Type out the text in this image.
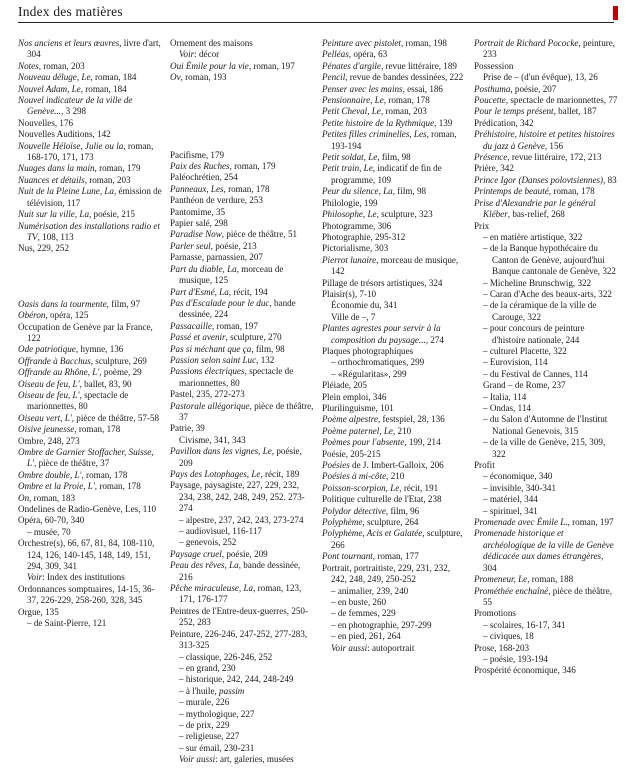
Index des matières

Nos anciens et leurs œuvres, livre d'art, 304

Notes, roman, 203

Nouveau déluge, Le, roman, 184

Nouvel Adam, Le, roman, 184

Nouvel indicateur de la ville de Genève..., 3 298

Nouvelles, 176

Nouvelles Auditions, 142

Nouvelle Héloïse, Julie ou la, roman, 168-170, 171, 173

Nuages dans la main, roman, 179

Nuances et détails, roman, 203

Nuit de la Pleine Lune, La, émission de télévision, 117

Nuit sur la ville, La, poésie, 215

Numérisation des installations radio et TV, 108, 113

Nus, 229, 252

Oasis dans la tourmente, film, 97

Obéron, opéra, 125

Occupation de Genève par la France, 122

Ode patriotique, hymne, 136

Offrande à Bacchus, sculpture, 269

Offrande au Rhône, L', poème, 29

Oiseau de feu, L', ballet, 83, 90

Oiseau de feu, L', spectacle de marionnettes, 80

Oiseau vert, L', pièce de théâtre, 57-58

Oisive jeunesse, roman, 178

Ombre, 248, 273

Ombre de Garnier Stoffacher, Suisse, L', pièce de théâtre, 37

Ombre double, L', roman, 178

Ombre et la Proie, L', roman, 178

On, roman, 183

Ondelines de Radio-Genève, Les, 110

Opéra, 60-70, 340

– musée, 70

Orchestre(s), 66, 67, 81, 84, 108-110, 124, 126, 140-145, 148, 149, 151, 294, 309, 341

Voir: Index des institutions

Ordonnances somptuaires, 14-15, 36-37, 226-229, 258-260, 328, 345

Orgue, 135

– de Saint-Pierre, 121

Ornement des maisons

Voir: décor

Oui Émile pour la vie, roman, 197

Ov, roman, 193

Pacifisme, 179

Paix des Ruches, roman, 179

Paléochrétien, 254

Panneaux, Les, roman, 178

Panthéon de verdure, 253

Pantomime, 35

Papier salé, 298

Paradise Now, pièce de théâtre, 51

Parler seul, poésie, 213

Parnasse, parnassien, 207

Part du diable, La, morceau de musique, 125

Part d'Esmé, La, récit, 194

Pas d'Escalade pour le duc, bande dessinée, 224

Passacaille, roman, 197

Passé et avenir, sculpture, 270

Pas si méchant que ça, film, 98

Passion selon saint Luc, 132

Passions électriques, spectacle de marionnettes, 80

Pastel, 235, 272-273

Pastorale allégorique, pièce de théâtre, 37

Patrie, 39

Civisme, 341, 343

Pavillon dans les vignes, Le, poésie, 209

Pays des Lotophages, Le, récit, 189

Paysage, paysagiste, 227, 229, 232, 234, 238, 242, 248, 249, 252. 273-274

– alpestre, 237, 242, 243, 273-274

– audiovisuel, 116-117

– genevois, 252

Paysage cruel, poésie, 209

Peau des rêves, La, bande dessinée, 216

Pêche miraculeuse, La, roman, 123, 171, 176-177

Peintres de l'Entre-deux-guerres, 250-252, 283

Peinture, 226-246, 247-252, 277-283, 313-325

– classique, 226-246, 252

– en grand, 230

– historique, 242, 244, 248-249

– à l'huile, passim

– murale, 226

– mythologique, 227

– de prix, 229

– religieuse, 227

– sur émail, 230-231

Voir aussi: art, galeries, musées

Peinture avec pistolet, roman, 198

Pelléas, opéra, 63

Pénates d'argile, revue littéraire, 189

Pencil, revue de bandes dessinées, 222

Penser avec les mains, essai, 186

Pensionnaire, Le, roman, 178

Petit Cheval, Le, roman, 203

Petite histoire de la Rythmique, 139

Petites filles criminelles, Les, roman, 193-194

Petit soldat, Le, film, 98

Petit train, Le, indicatif de fin de programme, 109

Peur du silence, La, film, 98

Philologie, 199

Philosophe, Le, sculpture, 323

Photogramme, 306

Photographie, 295-312

Pictorialisme, 303

Pierrot lunaire, morceau de musique, 142

Pillage de trésors artistiques, 324

Plaisir(s), 7-10

Économie du, 341

Ville de –, 7

Plantes agrestes pour servir à la composition du paysage..., 274

Plaques photographiques

– orthochromatiques, 299

– «Régularitas», 299

Pléiade, 205

Plein emploi, 346

Plurilinguisme, 101

Poème alpestre, festspiel, 28, 136

Poème paternel, Le, 210

Poèmes pour l'absente, 199, 214

Poésie, 205-215

Poésies de J. Imbert-Galloix, 206

Poésies à mi-côte, 210

Poisson-scorpion, Le, récit, 191

Politique culturelle de l'Etat, 238

Polydor détective, film, 96

Polyphème, sculpture, 264

Polyphème, Acis et Galatée, sculpture, 266

Pont tournant, roman, 177

Portrait, portraitiste, 229, 231, 232, 242, 248, 249, 250-252

– animalier, 239, 240

– en buste, 260

– de femmes, 229

– en photographie, 297-299

– en pied, 261, 264

Voir aussi: autoportrait

Portrait de Richard Pococke, peinture, 233

Possession

Prise de – (d'un évêque), 13, 26

Posthuma, poésie, 207

Poucette, spectacle de marionnettes, 77

Pour le temps présent, ballet, 187

Prédication, 342

Préhistoire, histoire et petites histoires du jazz à Genève, 156

Présence, revue littéraire, 172, 213

Prière, 342

Prince Igor (Danses polovtsiennes), 83

Printemps de beauté, roman, 178

Prise d'Alexandrie par le général Kléber, bas-relief, 268

Prix

– en matière artistique, 322

– de la Banque hypothécaire du Canton de Genève, aujourd'hui Banque cantonale de Genève, 322

– Micheline Brunschwig, 322

– Caran d'Ache des beaux-arts, 322

– de la céramique de la ville de Carouge, 322

– pour concours de peinture d'histoire nationale, 244

– culturel Placette, 322

– Eurovision, 114

– du Festival de Cannes, 114

Grand – de Rome, 237

– Italia, 114

– Ondas, 114

– du Salon d'Automne de l'Institut National Genevois, 315

– de la ville de Genève, 215, 309, 322

Profit

– économique, 340

– invisible, 340-341

– matériel, 344

– spirituel, 341

Promenade avec Émile L., roman, 197

Promenade historique et archéologique de la ville de Genève dédicacée aux dames étrangères, 304

Promeneur, Le, roman, 188

Prométhée enchaîné, pièce de théâtre, 55

Promotions

– scolaires, 16-17, 341

– civiques, 18

Prose, 168-203

– poésie, 193-194

Prospérité économique, 346
